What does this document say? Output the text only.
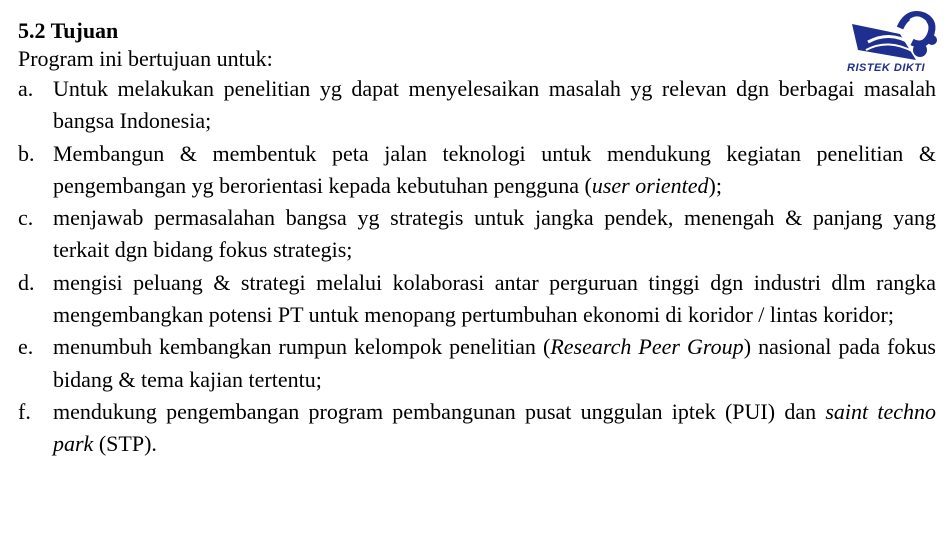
5.2 Tujuan

Program ini bertujuan untuk:

a. Untuk melakukan penelitian yg dapat menyelesaikan masalah yg relevan dgn berbagai masalah bangsa Indonesia;
b. Membangun & membentuk peta jalan teknologi untuk mendukung kegiatan penelitian & pengembangan yg berorientasi kepada kebutuhan pengguna (user oriented);
c. menjawab permasalahan bangsa yg strategis untuk jangka pendek, menengah & panjang yang terkait dgn bidang fokus strategis;
d. mengisi peluang & strategi melalui kolaborasi antar perguruan tinggi dgn industri dlm rangka mengembangkan potensi PT untuk menopang pertumbuhan ekonomi di koridor / lintas koridor;
e. menumbuh kembangkan rumpun kelompok penelitian (Research Peer Group) nasional pada fokus bidang & tema kajian tertentu;
f. mendukung pengembangan program pembangunan pusat unggulan iptek (PUI) dan saint techno park (STP).
RISTEK DIKTI
